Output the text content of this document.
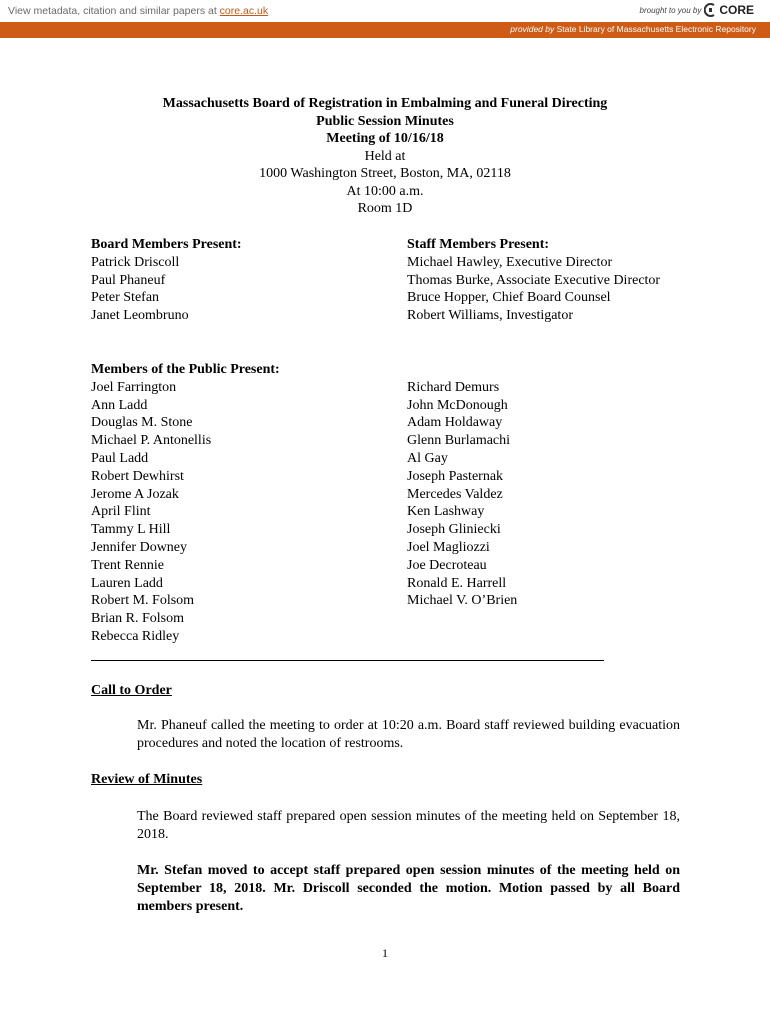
View metadata, citation and similar papers at core.ac.uk	brought to you by CORE
provided by State Library of Massachusetts Electronic Repository
Massachusetts Board of Registration in Embalming and Funeral Directing
Public Session Minutes
Meeting of 10/16/18
Held at
1000 Washington Street, Boston, MA, 02118
At 10:00 a.m.
Room 1D
Board Members Present:
Patrick Driscoll
Paul Phaneuf
Peter Stefan
Janet Leombruno
Staff Members Present:
Michael Hawley, Executive Director
Thomas Burke, Associate Executive Director
Bruce Hopper, Chief Board Counsel
Robert Williams, Investigator
Members of the Public Present:
Joel Farrington
Ann Ladd
Douglas M. Stone
Michael P. Antonellis
Paul Ladd
Robert Dewhirst
Jerome A Jozak
April Flint
Tammy L Hill
Jennifer Downey
Trent Rennie
Lauren Ladd
Robert M. Folsom
Brian R. Folsom
Rebecca Ridley
Richard Demurs
John McDonough
Adam Holdaway
Glenn Burlamachi
Al Gay
Joseph Pasternak
Mercedes Valdez
Ken Lashway
Joseph Gliniecki
Joel Magliozzi
Joe Decroteau
Ronald E. Harrell
Michael V. O’Brien
Call to Order
Mr. Phaneuf called the meeting to order at 10:20 a.m. Board staff reviewed building evacuation procedures and noted the location of restrooms.
Review of Minutes
The Board reviewed staff prepared open session minutes of the meeting held on September 18, 2018.
Mr. Stefan moved to accept staff prepared open session minutes of the meeting held on September 18, 2018. Mr. Driscoll seconded the motion. Motion passed by all Board members present.
1
